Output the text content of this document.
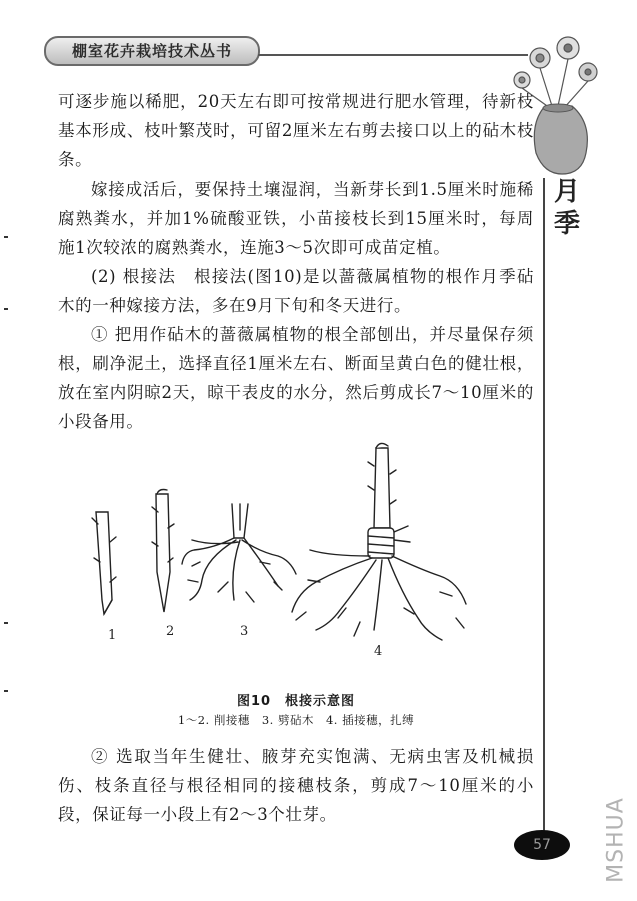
棚室花卉栽培技术丛书
月
季

可逐步施以稀肥，20天左右即可按常规进行肥水管理，待新枝基本形成、枝叶繁茂时，可留2厘米左右剪去接口以上的砧木枝条。

嫁接成活后，要保持土壤湿润，当新芽长到1.5厘米时施稀腐熟粪水，并加1%硫酸亚铁，小苗接枝长到15厘米时，每周施1次较浓的腐熟粪水，连施3～5次即可成苗定植。

(2) 根接法　根接法(图10)是以蔷薇属植物的根作月季砧木的一种嫁接方法，多在9月下旬和冬天进行。

① 把用作砧木的蔷薇属植物的根全部刨出，并尽量保存须根，刷净泥土，选择直径1厘米左右、断面呈黄白色的健壮根，放在室内阴晾2天，晾干表皮的水分，然后剪成长7～10厘米的小段备用。

1	2	3
4
图10　根接示意图
1～2. 削接穗　3. 劈砧木　4. 插接穗，扎缚

② 选取当年生健壮、腋芽充实饱满、无病虫害及机械损伤、枝条直径与根径相同的接穗枝条，剪成7～10厘米的小段，保证每一小段上有2～3个壮芽。

57	MSHUA
